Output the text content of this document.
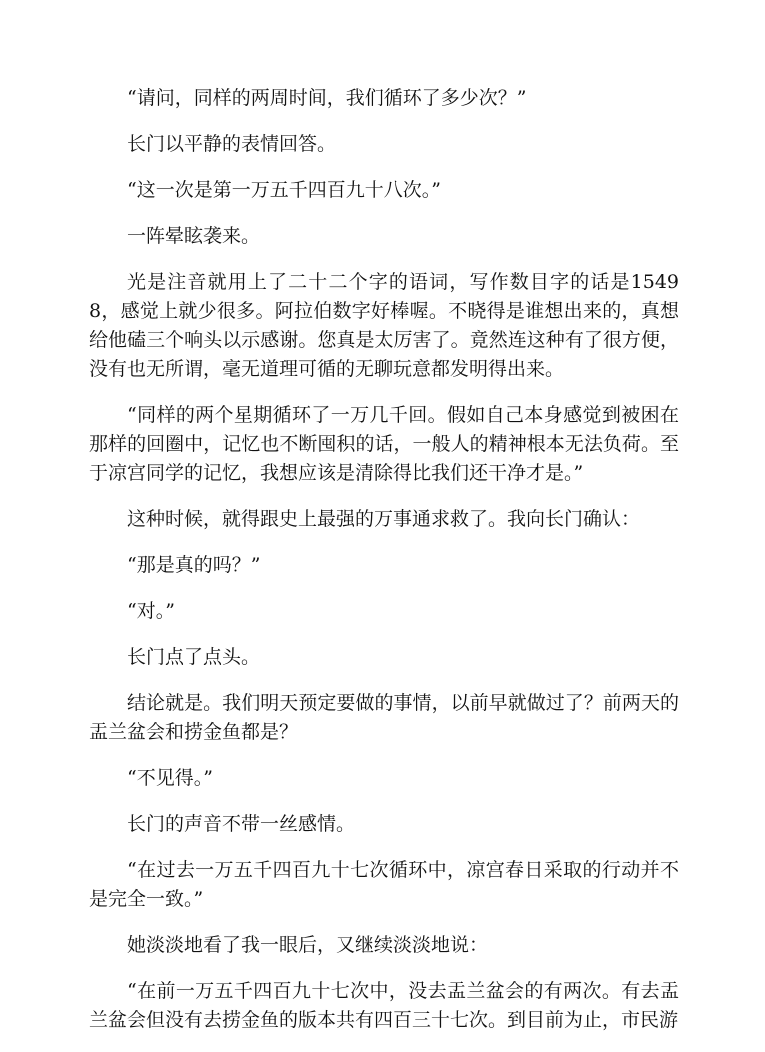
“请问，同样的两周时间，我们循环了多少次？”

长门以平静的表情回答。

“这一次是第一万五千四百九十八次。”

一阵晕眩袭来。

光是注音就用上了二十二个字的语词，写作数目字的话是15498，感觉上就少很多。阿拉伯数字好棒喔。不晓得是谁想出来的，真想给他磕三个响头以示感谢。您真是太厉害了。竟然连这种有了很方便，没有也无所谓，毫无道理可循的无聊玩意都发明得出来。

“同样的两个星期循环了一万几千回。假如自己本身感觉到被困在那样的回圈中，记忆也不断囤积的话，一般人的精神根本无法负荷。至于凉宫同学的记忆，我想应该是清除得比我们还干净才是。”

这种时候，就得跟史上最强的万事通求救了。我向长门确认：

“那是真的吗？”

“对。”

长门点了点头。

结论就是。我们明天预定要做的事情，以前早就做过了？前两天的盂兰盆会和捞金鱼都是？

“不见得。”

长门的声音不带一丝感情。

“在过去一万五千四百九十七次循环中，凉宫春日采取的行动并不是完全一致。”

她淡淡地看了我一眼后，又继续淡淡地说：

“在前一万五千四百九十七次中，没去盂兰盆会的有两次。有去盂兰盆会但没有去捞金鱼的版本共有四百三十七次。到目前为止，市民游
